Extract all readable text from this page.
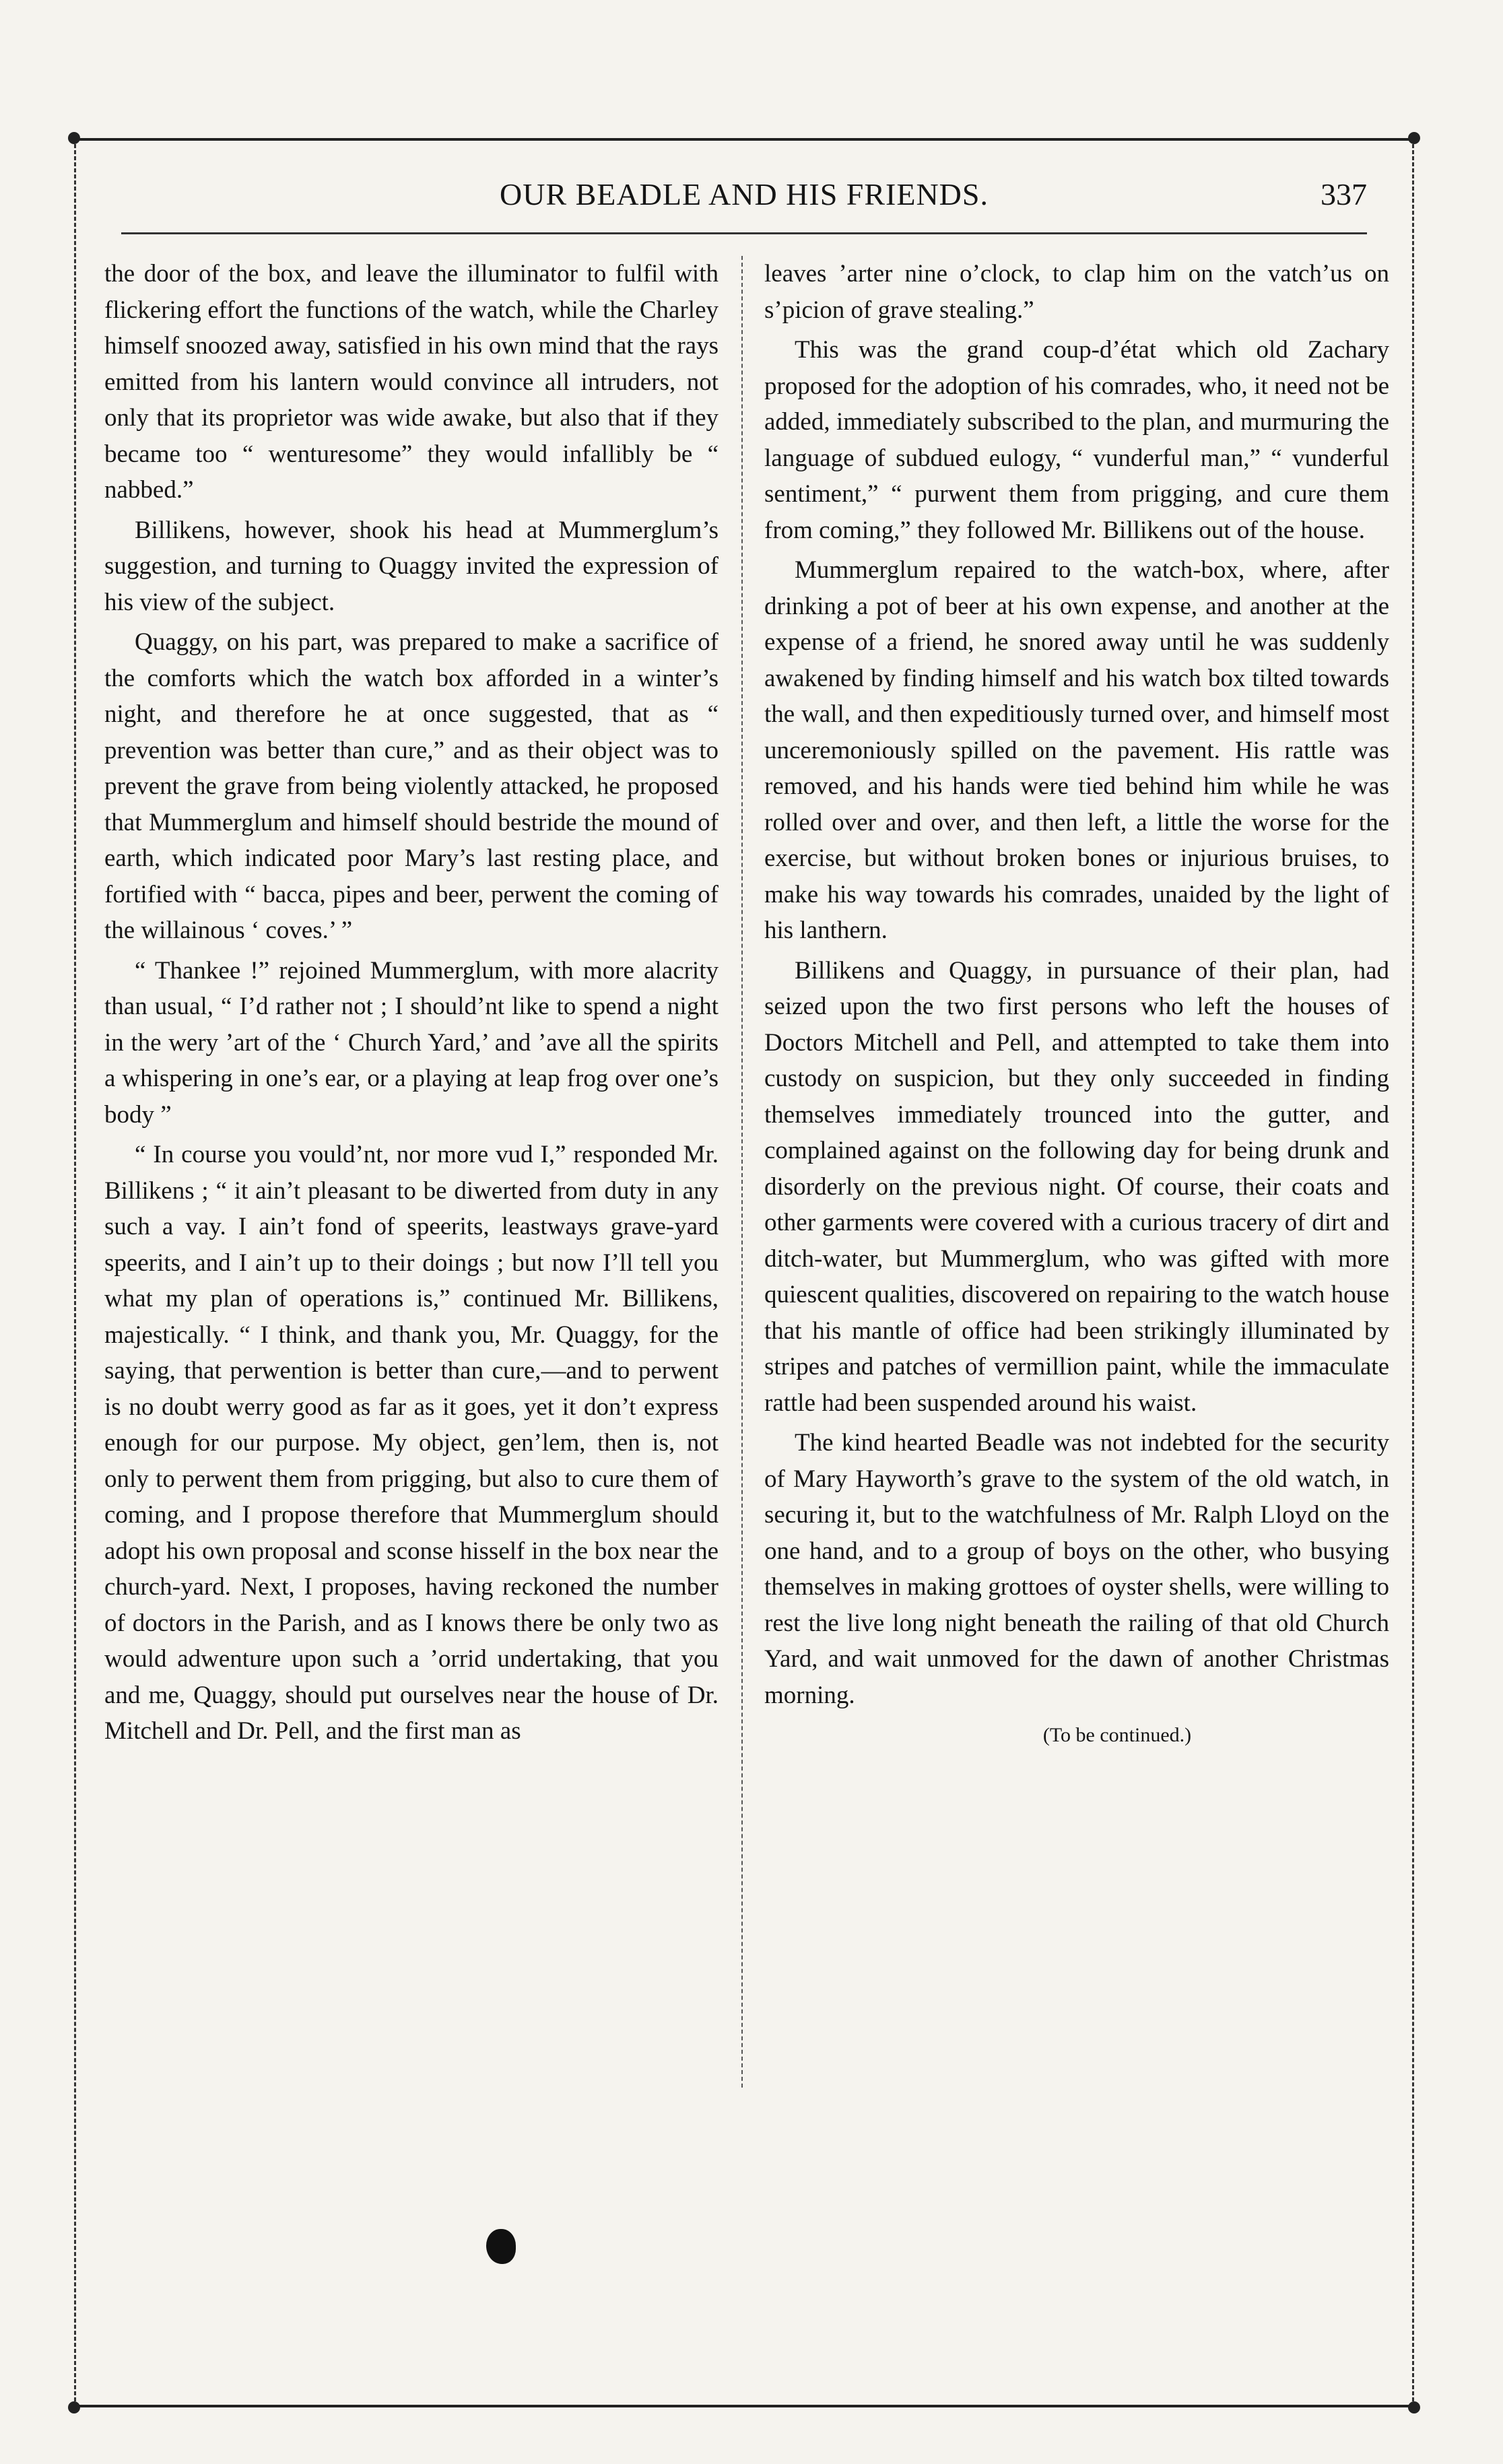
OUR BEADLE AND HIS FRIENDS.	337

the door of the box, and leave the illuminator to fulfil with flickering effort the functions of the watch, while the Charley himself snoozed away, satisfied in his own mind that the rays emitted from his lantern would convince all intruders, not only that its proprietor was wide awake, but also that if they became too “ wenturesome” they would infallibly be “ nabbed.”

Billikens, however, shook his head at Mummerglum’s suggestion, and turning to Quaggy invited the expression of his view of the subject.

Quaggy, on his part, was prepared to make a sacrifice of the comforts which the watch box afforded in a winter’s night, and therefore he at once suggested, that as “ prevention was better than cure,” and as their object was to prevent the grave from being violently attacked, he proposed that Mummerglum and himself should bestride the mound of earth, which indicated poor Mary’s last resting place, and fortified with “ bacca, pipes and beer, perwent the coming of the willainous ‘ coves.’ ”

“ Thankee !” rejoined Mummerglum, with more alacrity than usual, “ I’d rather not ; I should’nt like to spend a night in the wery ’art of the ‘ Church Yard,’ and ’ave all the spirits a whispering in one’s ear, or a playing at leap frog over one’s body ”

“ In course you vould’nt, nor more vud I,” responded Mr. Billikens ; “ it ain’t pleasant to be diwerted from duty in any such a vay. I ain’t fond of speerits, leastways grave-yard speerits, and I ain’t up to their doings ; but now I’ll tell you what my plan of operations is,” continued Mr. Billikens, majestically. “ I think, and thank you, Mr. Quaggy, for the saying, that perwention is better than cure,—and to perwent is no doubt werry good as far as it goes, yet it don’t express enough for our purpose. My object, gen’lem, then is, not only to perwent them from prigging, but also to cure them of coming, and I propose therefore that Mummerglum should adopt his own proposal and sconse hisself in the box near the church-yard. Next, I proposes, having reckoned the number of doctors in the Parish, and as I knows there be only two as would adwenture upon such a ’orrid undertaking, that you and me, Quaggy, should put ourselves near the house of Dr. Mitchell and Dr. Pell, and the first man as

leaves ’arter nine o’clock, to clap him on the vatch’us on s’picion of grave stealing.”

This was the grand coup-d’état which old Zachary proposed for the adoption of his comrades, who, it need not be added, immediately subscribed to the plan, and murmuring the language of subdued eulogy, “ vunderful man,” “ vunderful sentiment,” “ purwent them from prigging, and cure them from coming,” they followed Mr. Billikens out of the house.

Mummerglum repaired to the watch-box, where, after drinking a pot of beer at his own expense, and another at the expense of a friend, he snored away until he was suddenly awakened by finding himself and his watch box tilted towards the wall, and then expeditiously turned over, and himself most unceremoniously spilled on the pavement. His rattle was removed, and his hands were tied behind him while he was rolled over and over, and then left, a little the worse for the exercise, but without broken bones or injurious bruises, to make his way towards his comrades, unaided by the light of his lanthern.

Billikens and Quaggy, in pursuance of their plan, had seized upon the two first persons who left the houses of Doctors Mitchell and Pell, and attempted to take them into custody on suspicion, but they only succeeded in finding themselves immediately trounced into the gutter, and complained against on the following day for being drunk and disorderly on the previous night. Of course, their coats and other garments were covered with a curious tracery of dirt and ditch-water, but Mummerglum, who was gifted with more quiescent qualities, discovered on repairing to the watch house that his mantle of office had been strikingly illuminated by stripes and patches of vermillion paint, while the immaculate rattle had been suspended around his waist.

The kind hearted Beadle was not indebted for the security of Mary Hayworth’s grave to the system of the old watch, in securing it, but to the watchfulness of Mr. Ralph Lloyd on the one hand, and to a group of boys on the other, who busying themselves in making grottoes of oyster shells, were willing to rest the live long night beneath the railing of that old Church Yard, and wait unmoved for the dawn of another Christmas morning.

(To be continued.)
